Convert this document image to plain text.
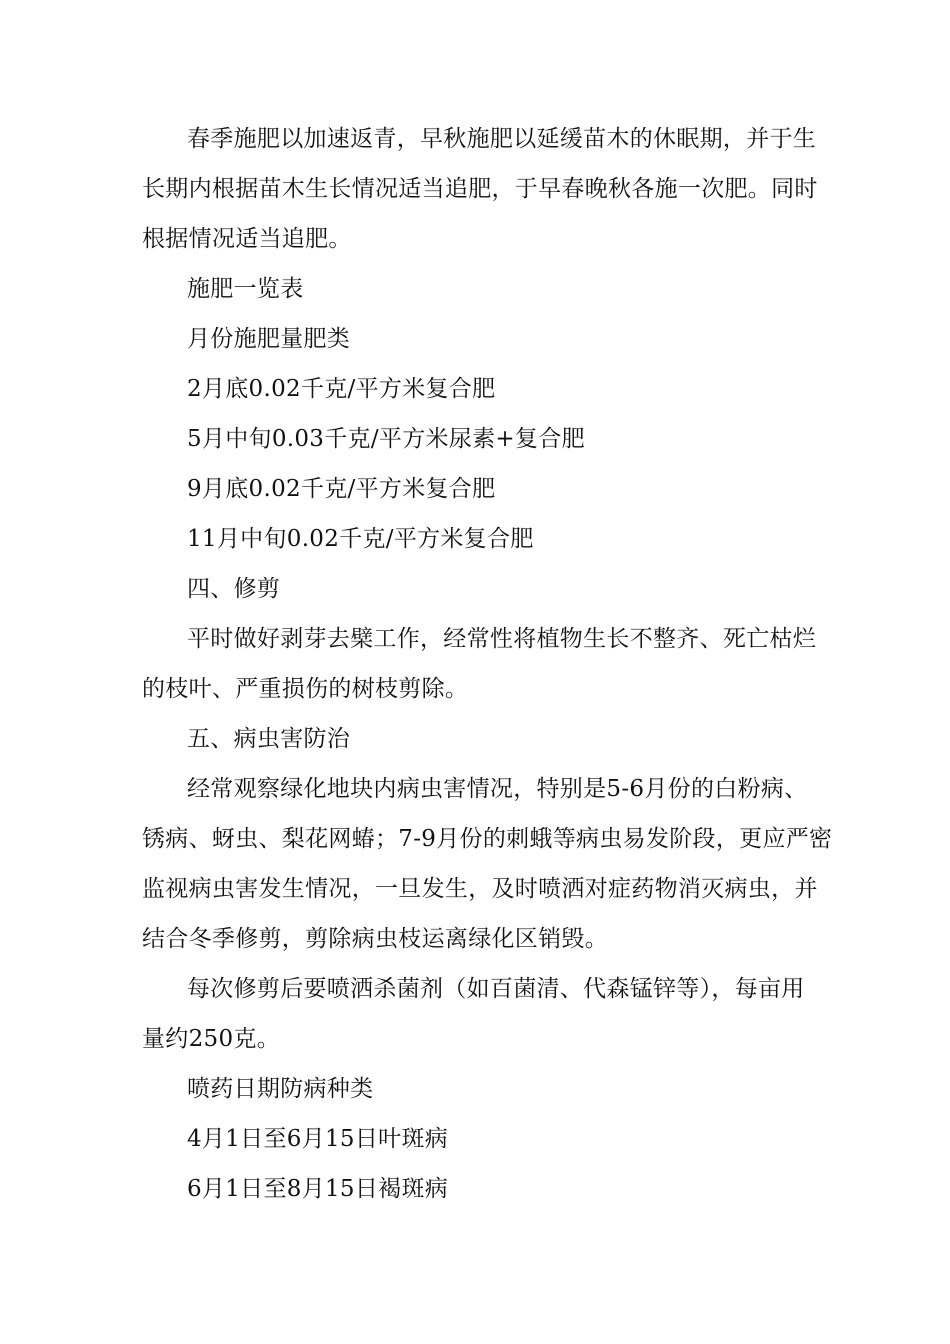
春季施肥以加速返青，早秋施肥以延缓苗木的休眠期，并于生
长期内根据苗木生长情况适当追肥，于早春晚秋各施一次肥。同时
根据情况适当追肥。
施肥一览表
月份施肥量肥类
2月底0.02千克/平方米复合肥
5月中旬0.03千克/平方米尿素+复合肥
9月底0.02千克/平方米复合肥
11月中旬0.02千克/平方米复合肥
四、修剪
平时做好剥芽去檗工作，经常性将植物生长不整齐、死亡枯烂
的枝叶、严重损伤的树枝剪除。
五、病虫害防治
经常观察绿化地块内病虫害情况，特别是5-6月份的白粉病、
锈病、蚜虫、梨花网蝽；7-9月份的刺蛾等病虫易发阶段，更应严密
监视病虫害发生情况，一旦发生，及时喷洒对症药物消灭病虫，并
结合冬季修剪，剪除病虫枝运离绿化区销毁。
每次修剪后要喷洒杀菌剂（如百菌清、代森锰锌等），每亩用
量约250克。
喷药日期防病种类
4月1日至6月15日叶斑病
6月1日至8月15日褐斑病
